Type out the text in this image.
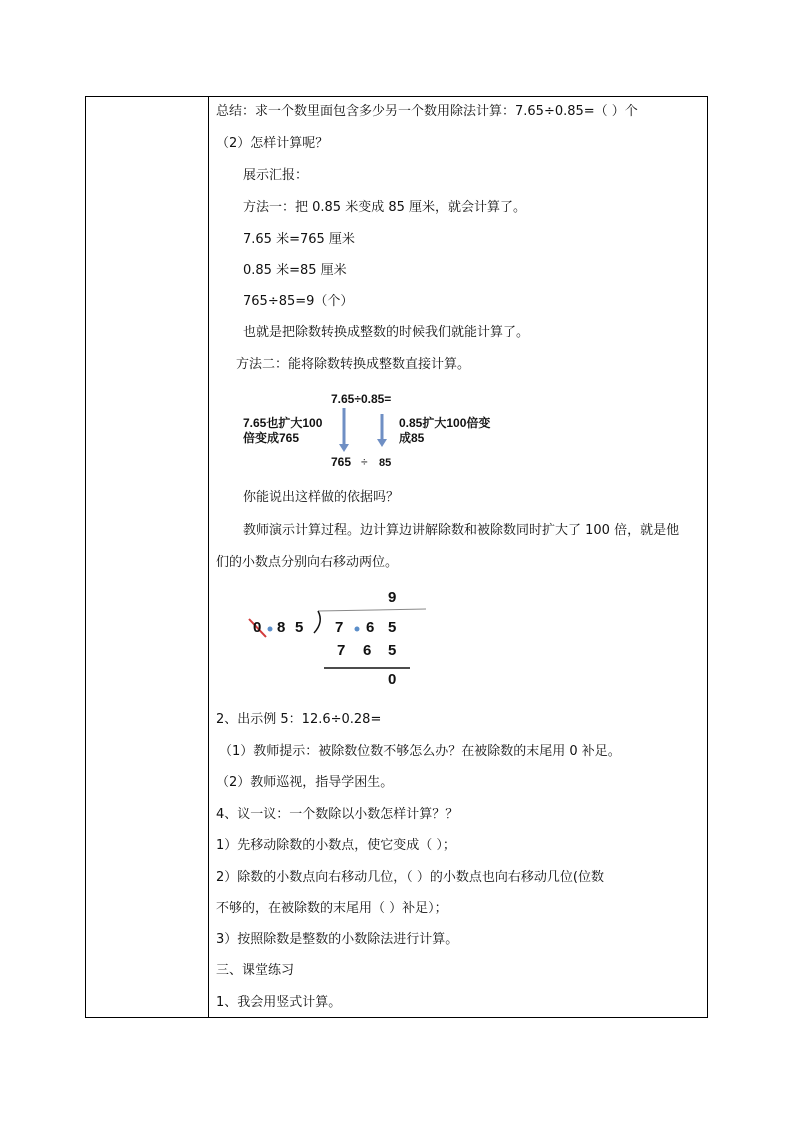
总结：求一个数里面包含多少另一个数用除法计算：7.65÷0.85=（ ）个
（2）怎样计算呢？
展示汇报：
方法一：把 0.85 米变成 85 厘米，就会计算了。
7.65 米=765 厘米
0.85 米=85 厘米
765÷85=9（个）
也就是把除数转换成整数的时候我们就能计算了。
方法二：能将除数转换成整数直接计算。
7.65÷0.85=
7.65也扩大100
倍变成765
0.85扩大100倍变
成85
765 ÷ 85
你能说出这样做的依据吗？
教师演示计算过程。边计算边讲解除数和被除数同时扩大了 100 倍，就是他
们的小数点分别向右移动两位。
9
0 8 5 7 6 5
7 6 5
0
2、出示例 5：12.6÷0.28=
（1）教师提示：被除数位数不够怎么办？在被除数的末尾用 0 补足。
（2）教师巡视，指导学困生。
4、议一议：一个数除以小数怎样计算？？
1）先移动除数的小数点，使它变成（ ）；
2）除数的小数点向右移动几位，（ ）的小数点也向右移动几位(位数
不够的，在被除数的末尾用（ ）补足）；
3）按照除数是整数的小数除法进行计算。
三、课堂练习
1、我会用竖式计算。
